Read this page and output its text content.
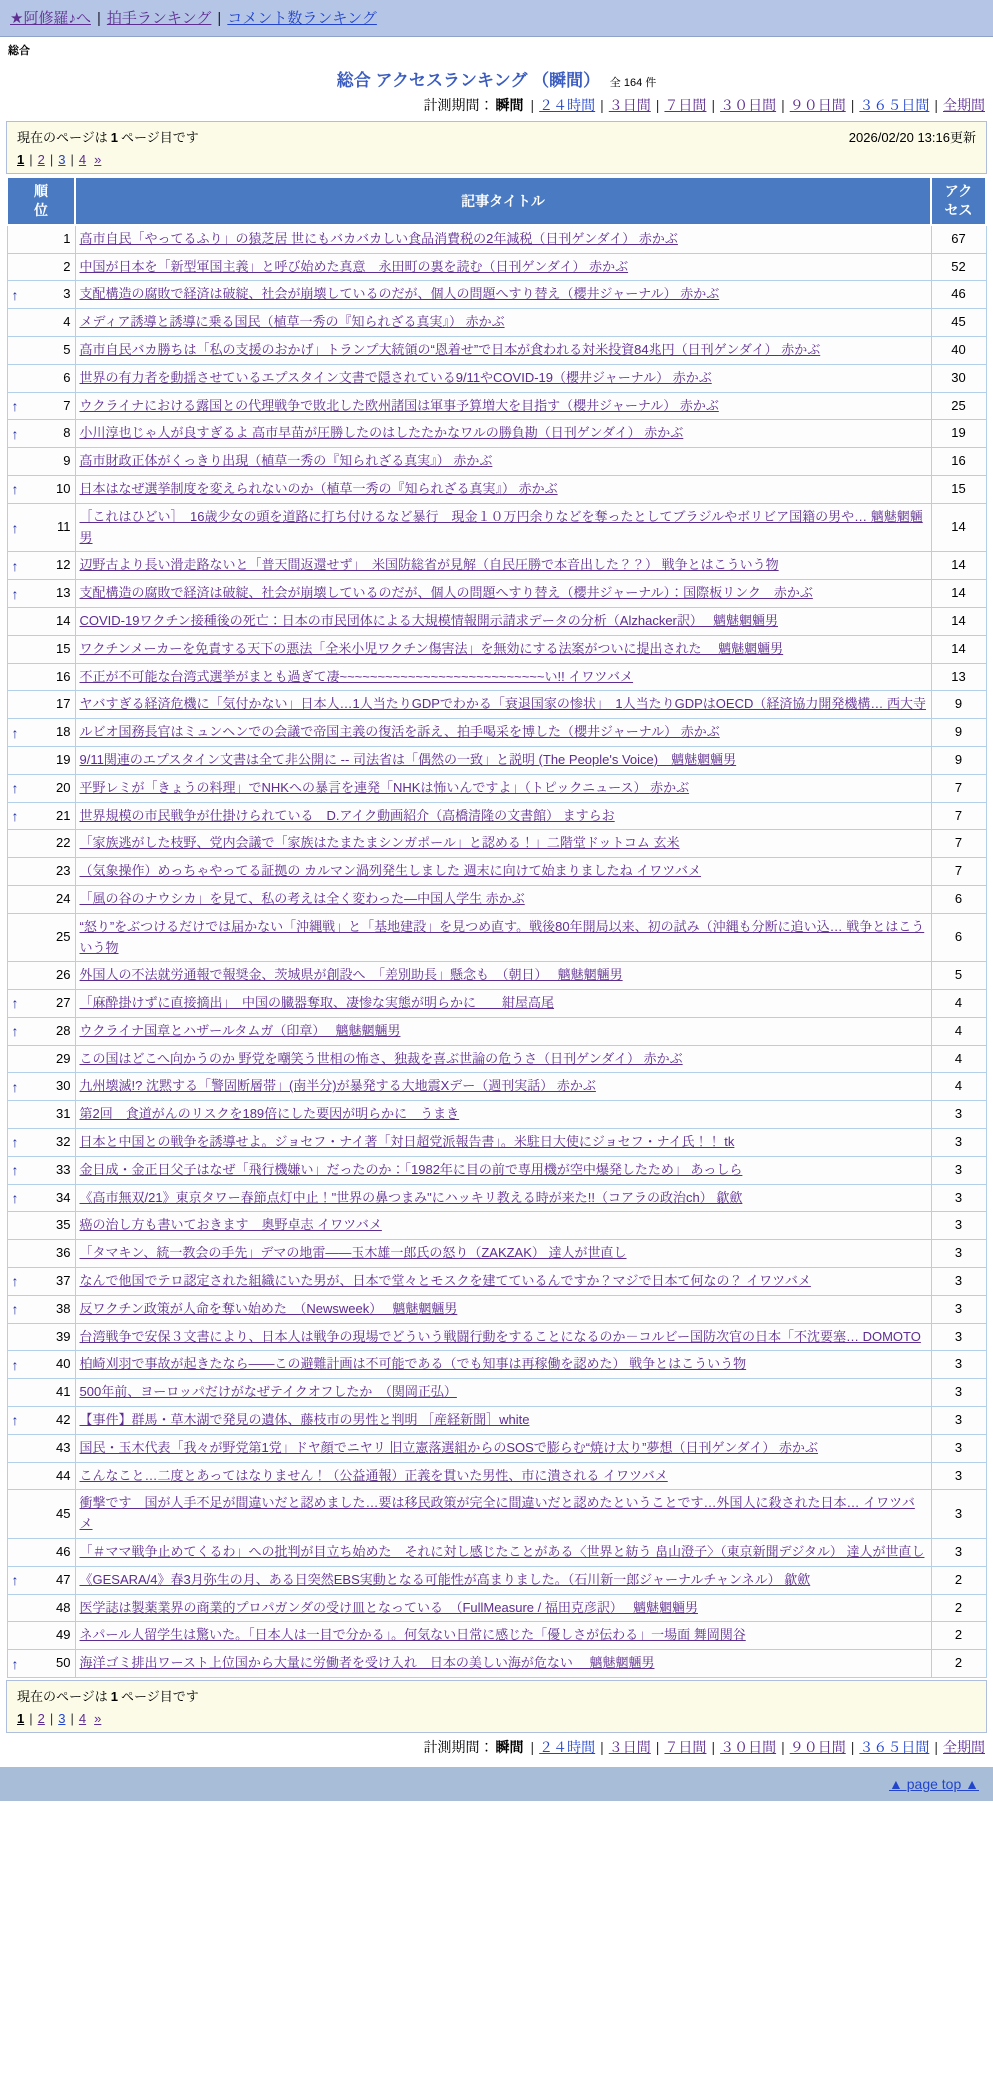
★阿修羅♪へ | 拍手ランキング | コメント数ランキング
総合
総合 アクセスランキング （瞬間） 全 164 件
計測期間： 瞬間 | ２４時間 | ３日間 | ７日間 | ３０日間 | ９０日間 | ３６５日間 | 全期間
現在のページは 1 ページ目です	2026/02/20 13:16更新
1 | 2 | 3 | 4 »
順位	記事タイトル	アクセス

1	高市自民「やってるふり」の猿芝居 世にもバカバカしい食品消費税の2年減税（日刊ゲンダイ） 赤かぶ	67

2	中国が日本を「新型軍国主義」と呼び始めた真意　永田町の裏を読む（日刊ゲンダイ） 赤かぶ	52

↑ 3	支配構造の腐敗で経済は破綻、社会が崩壊しているのだが、個人の問題へすり替え（櫻井ジャーナル） 赤かぶ	46

4	メディア誘導と誘導に乗る国民（植草一秀の『知られざる真実』） 赤かぶ	45

5	高市自民バカ勝ちは「私の支援のおかげ」トランプ大統領の“恩着せ”で日本が食われる対米投資84兆円（日刊ゲンダイ） 赤かぶ	40

6	世界の有力者を動揺させているエプスタイン文書で隠されている9/11やCOVID-19（櫻井ジャーナル） 赤かぶ	30

↑ 7	ウクライナにおける露国との代理戦争で敗北した欧州諸国は軍事予算増大を目指す（櫻井ジャーナル） 赤かぶ	25

↑ 8	小川淳也じゃ人が良すぎるよ 高市早苗が圧勝したのはしたたかなワルの勝負勘（日刊ゲンダイ） 赤かぶ	19

9	高市財政正体がくっきり出現（植草一秀の『知られざる真実』） 赤かぶ	16

↑ 10	日本はなぜ選挙制度を変えられないのか（植草一秀の『知られざる真実』） 赤かぶ	15

↑ 11	［これはひどい］　16歳少女の頭を道路に打ち付けるなど暴行　現金１０万円余りなどを奪ったとしてブラジルやボリビア国籍の男や… 魑魅魍魎男	14

↑ 12	辺野古より長い滑走路ないと「普天間返還せず」　米国防総省が見解（自民圧勝で本音出した？？） 戦争とはこういう物	14

↑ 13	支配構造の腐敗で経済は破綻、社会が崩壊しているのだが、個人の問題へすり替え（櫻井ジャーナル）：国際板リンク　赤かぶ	14

14	COVID-19ワクチン接種後の死亡：日本の市民団体による大規模情報開示請求データの分析（Alzhacker訳）　 魑魅魍魎男	14

15	ワクチンメーカーを免責する天下の悪法「全米小児ワクチン傷害法」を無効にする法案がついに提出された　 魑魅魍魎男	14

16	不正が不可能な台湾式選挙がまとも過ぎて凄~~~~~~~~~~~~~~~~~~~~~~~~~~~い!! イワツバメ	13

17	ヤバすぎる経済危機に「気付かない」日本人…1人当たりGDPでわかる「衰退国家の惨状」　1人当たりGDPはOECD（経済協力開発機構… 西大寺	9

↑ 18	ルビオ国務長官はミュンヘンでの会議で帝国主義の復活を訴え、拍手喝采を博した（櫻井ジャーナル） 赤かぶ	9

19	9/11関連のエプスタイン文書は全て非公開に -- 司法省は「偶然の一致」と説明 (The People's Voice)　魑魅魍魎男	9

↑ 20	平野レミが「きょうの料理」でNHKへの暴言を連発「NHKは怖いんですよ」（トピックニュース） 赤かぶ	7

↑ 21	世界規模の市民戦争が仕掛けられている　D.アイク動画紹介（高橋清隆の文書館） ますらお	7

22	「家族逃がした枝野、党内会議で「家族はたまたまシンガポール」と認める！」二階堂ドットコム 玄米	7

23	（気象操作）めっちゃやってる証拠の カルマン渦列発生しました 週末に向けて始まりましたね イワツバメ	7

24	「風の谷のナウシカ」を見て、私の考えは全く変わった―中国人学生 赤かぶ	6

25	“怒り”をぶつけるだけでは届かない「沖縄戦」と「基地建設」を見つめ直す。戦後80年開局以来、初の試み（沖縄も分断に追い込… 戦争とはこういう物	6

26	外国人の不法就労通報で報奨金、茨城県が創設へ　「差別助長」懸念も　（朝日）　 魑魅魍魎男	5

↑ 27	「麻酔掛けずに直接摘出」　中国の臓器奪取、凄惨な実態が明らかに　　紺屋高尾	4

↑ 28	ウクライナ国章とハザールタムガ（印章）　 魑魅魍魎男	4

29	この国はどこへ向かうのか 野党を嘲笑う世相の怖さ、独裁を喜ぶ世論の危うさ（日刊ゲンダイ） 赤かぶ	4

↑ 30	九州壊滅!? 沈黙する「警固断層帯」(南半分)が暴発する大地震Xデー（週刊実話） 赤かぶ	4

31	第2回　食道がんのリスクを189倍にした要因が明らかに　うまき	3

↑ 32	日本と中国との戦争を誘導せよ。ジョセフ・ナイ著「対日超党派報告書」。米駐日大使にジョセフ・ナイ氏！！ tk	3

↑ 33	金日成・金正日父子はなぜ「飛行機嫌い」だったのか：「1982年に目の前で専用機が空中爆発したため」 あっしら	3

↑ 34	《高市無双/21》東京タワー春節点灯中止！"世界の鼻つまみ"にハッキリ教える時が来た!!（コアラの政治ch） 歙歛	3

35	癌の治し方も書いておきます　奥野卓志 イワツバメ	3

36	「タマキン、統一教会の手先」デマの地雷――玉木雄一郎氏の怒り（ZAKZAK） 達人が世直し	3

↑ 37	なんで他国でテロ認定された組織にいた男が、日本で堂々とモスクを建てているんですか？マジで日本て何なの？ イワツバメ	3

↑ 38	反ワクチン政策が人命を奪い始めた　（Newsweek）　 魑魅魍魎男	3

39	台湾戦争で安保３文書により、日本人は戦争の現場でどういう戦闘行動をすることになるのか－コルビー国防次官の日本「不沈要塞… DOMOTO	3

↑ 40	柏崎刈羽で事故が起きたなら――この避難計画は不可能である（でも知事は再稼働を認めた） 戦争とはこういう物	3

41	500年前、ヨーロッパだけがなぜテイクオフしたか　（関岡正弘）	3

↑ 42	【事件】群馬・草木湖で発見の遺体、藤枝市の男性と判明 ［産経新聞］white	3

43	国民・玉木代表「我々が野党第1党」ドヤ顔でニヤリ 旧立憲落選組からのSOSで膨らむ“焼け太り”夢想（日刊ゲンダイ） 赤かぶ	3

44	こんなこと…二度とあってはなりません！（公益通報）正義を貫いた男性、市に潰される イワツバメ	3

45	衝撃です　国が人手不足が間違いだと認めました…要は移民政策が完全に間違いだと認めたということです…外国人に殺された日本… イワツバメ	3

46	「＃ママ戦争止めてくるわ」への批判が目立ち始めた　それに対し感じたことがある〈世界と紡う 畠山澄子〉（東京新聞デジタル） 達人が世直し	3

↑ 47	《GESARA/4》春3月弥生の月、ある日突然EBS実動となる可能性が高まりました。（石川新一郎ジャーナルチャンネル） 歙歛	2

48	医学誌は製薬業界の商業的プロパガンダの受け皿となっている　（FullMeasure / 福田克彦訳）　 魑魅魍魎男	2

49	ネパール人留学生は驚いた。「日本人は一目で分かる」。何気ない日常に感じた「優しさが伝わる」一場面 舞岡関谷	2

↑ 50	海洋ゴミ排出ワースト上位国から大量に労働者を受け入れ　日本の美しい海が危ない　 魑魅魍魎男	2
現在のページは 1 ページ目です
1 | 2 | 3 | 4 »
計測期間： 瞬間 | ２４時間 | ３日間 | ７日間 | ３０日間 | ９０日間 | ３６５日間 | 全期間
▲ page top ▲
